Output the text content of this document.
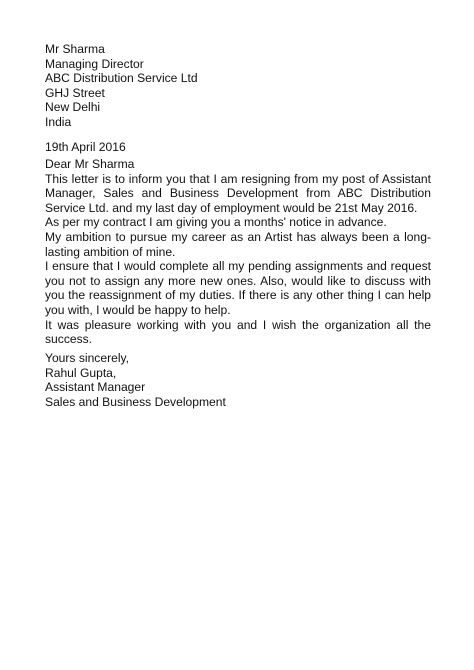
Mr Sharma
Managing Director
ABC Distribution Service Ltd
GHJ Street
New Delhi
India
19th April 2016
Dear Mr Sharma
This letter is to inform you that I am resigning from my post of Assistant Manager, Sales and Business Development from ABC Distribution Service Ltd. and my last day of employment would be 21st May 2016.
As per my contract I am giving you a months' notice in advance.
My ambition to pursue my career as an Artist has always been a long-lasting ambition of mine.
I ensure that I would complete all my pending assignments and request you not to assign any more new ones. Also, would like to discuss with you the reassignment of my duties. If there is any other thing I can help you with, I would be happy to help.
It was pleasure working with you and I wish the organization all the success.
Yours sincerely,
Rahul Gupta,
Assistant Manager
Sales and Business Development
